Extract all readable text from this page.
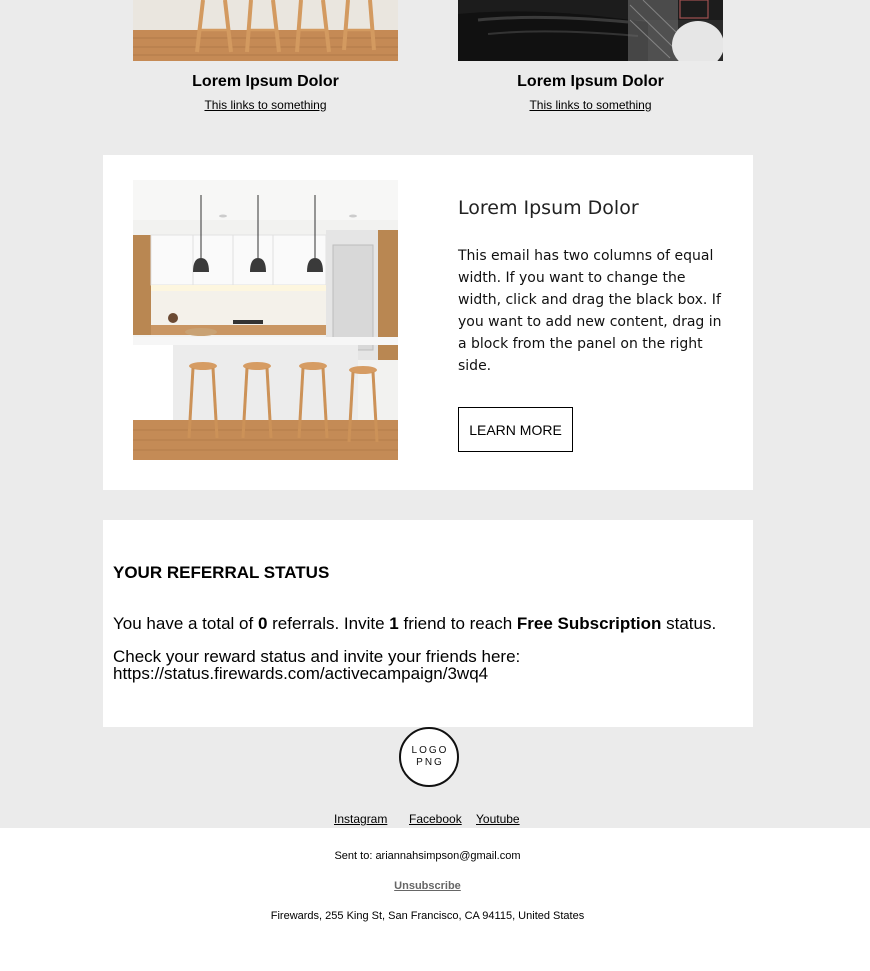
Lorem Ipsum Dolor	Lorem Ipsum Dolor
This links to something	This links to something
Lorem Ipsum Dolor
This email has two columns of equal width. If you want to change the width, click and drag the black box. If you want to add new content, drag in a block from the panel on the right side.
LEARN MORE
YOUR REFERRAL STATUS
You have a total of 0 referrals. Invite 1 friend to reach Free Subscription status.
Check your reward status and invite your friends here:
https://status.firewards.com/activecampaign/3wq4
LOGO
PNG
Instagram Facebook Youtube
Sent to: ariannahsimpson@gmail.com
Unsubscribe
Firewards, 255 King St, San Francisco, CA 94115, United States
